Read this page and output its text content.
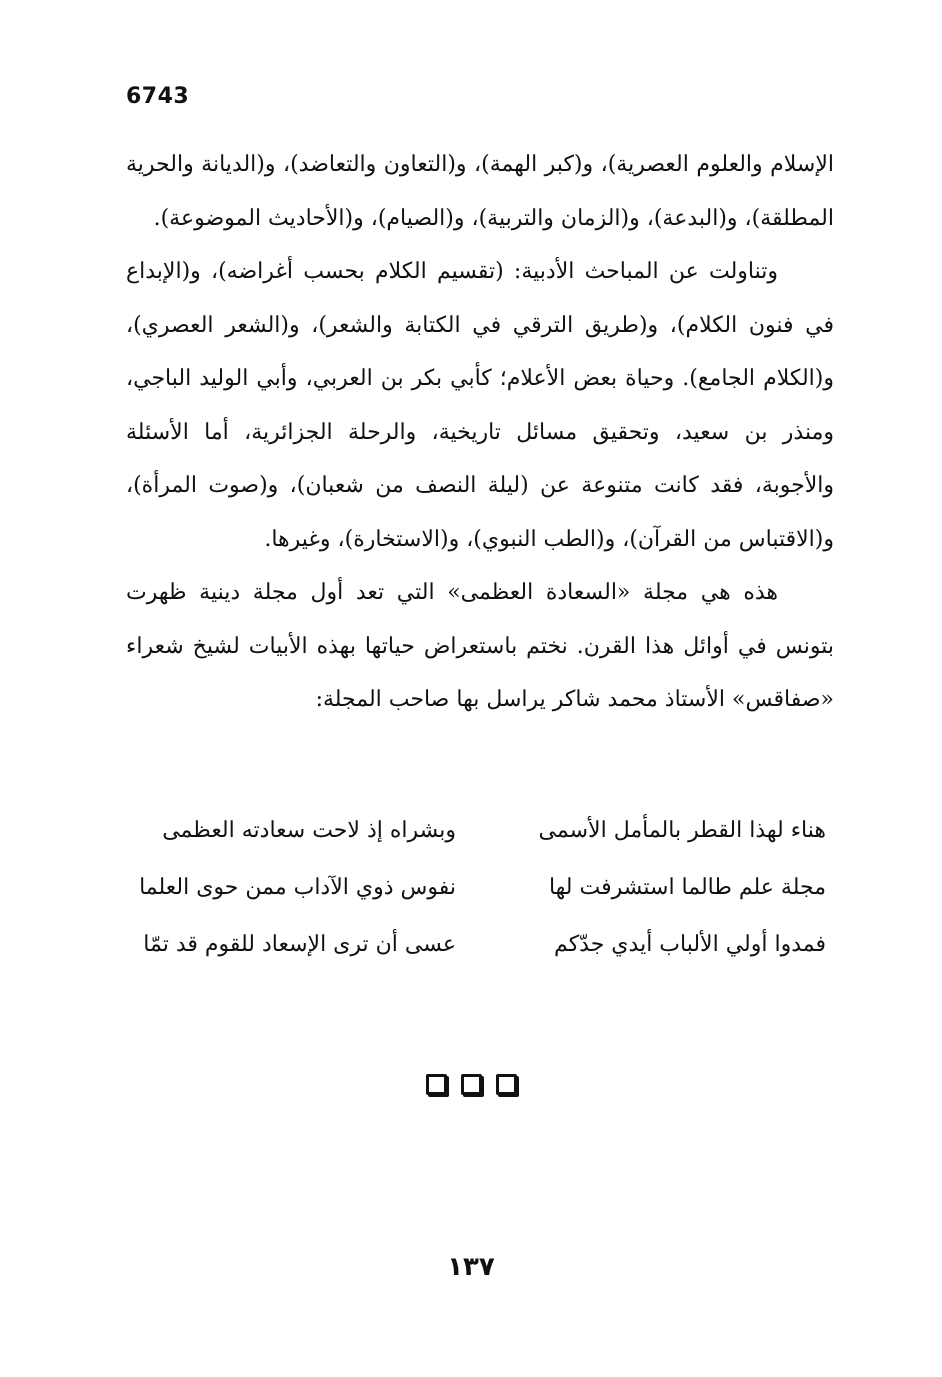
6743

الإسلام والعلوم العصرية)، و(كبر الهمة)، و(التعاون والتعاضد)، و(الديانة والحرية المطلقة)، و(البدعة)، و(الزمان والتربية)، و(الصيام)، و(الأحاديث الموضوعة).

وتناولت عن المباحث الأدبية: (تقسيم الكلام بحسب أغراضه)، و(الإبداع في فنون الكلام)، و(طريق الترقي في الكتابة والشعر)، و(الشعر العصري)، و(الكلام الجامع). وحياة بعض الأعلام؛ كأبي بكر بن العربي، وأبي الوليد الباجي، ومنذر بن سعيد، وتحقيق مسائل تاريخية، والرحلة الجزائرية، أما الأسئلة والأجوبة، فقد كانت متنوعة عن (ليلة النصف من شعبان)، و(صوت المرأة)، و(الاقتباس من القرآن)، و(الطب النبوي)، و(الاستخارة)، وغيرها.

هذه هي مجلة «السعادة العظمى» التي تعد أول مجلة دينية ظهرت بتونس في أوائل هذا القرن. نختم باستعراض حياتها بهذه الأبيات لشيخ شعراء «صفاقس» الأستاذ محمد شاكر يراسل بها صاحب المجلة:

هناء لهذا القطر بالمأمل الأسمى
وبشراه إذ لاحت سعادته العظمى
مجلة علم طالما استشرفت لها
نفوس ذوي الآداب ممن حوى العلما
فمدوا أولي الألباب أيدي جدّكم
عسى أن ترى الإسعاد للقوم قد تمّا
١٣٧
